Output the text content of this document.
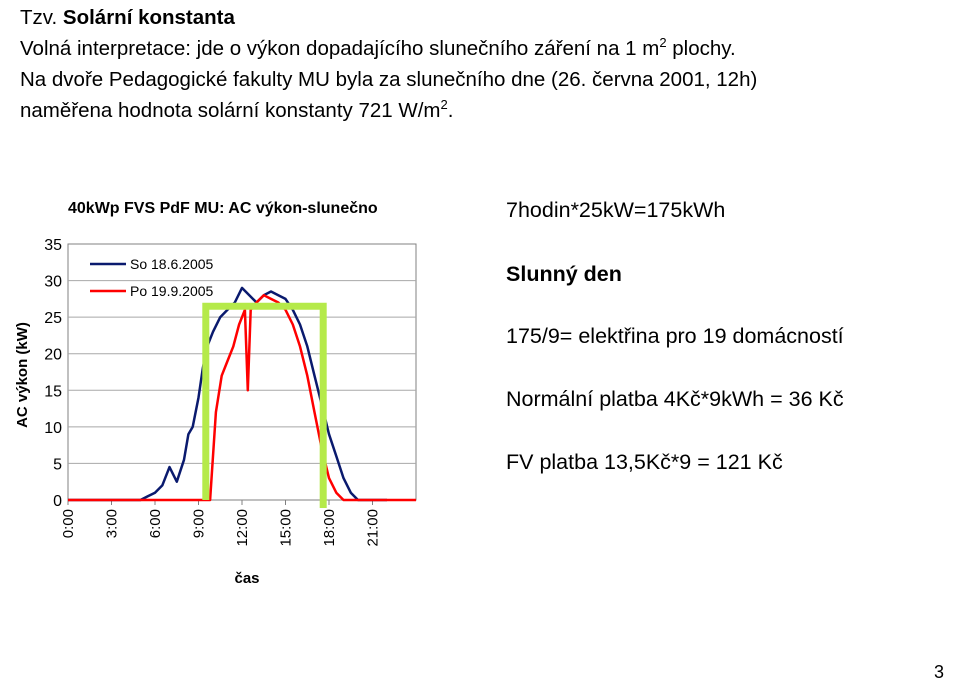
Tzv. Solární konstanta
Volná interpretace: jde o výkon dopadajícího slunečního záření na 1 $m^2$ plochy.
Na dvoře Pedagogické fakulty MU byla za slunečního dne (26. června 2001, 12h)
naměřena hodnota solární konstanty 721 $W/m^2$.
40kWp FVS PdF MU: AC výkon-slunečno
AC výkon (kW)
čas
0
5
10
15
20
25
30
35
0:00 3:00 6:00 9:00 12:00 15:00 18:00 21:00
So 18.6.2005
Po 19.9.2005
7hodin*25kW=175kWh
Slunný den
175/9= elektřina pro 19 domácností
Normální platba 4Kč*9kWh = 36 Kč
FV platba 13,5Kč*9 = 121 Kč
3
